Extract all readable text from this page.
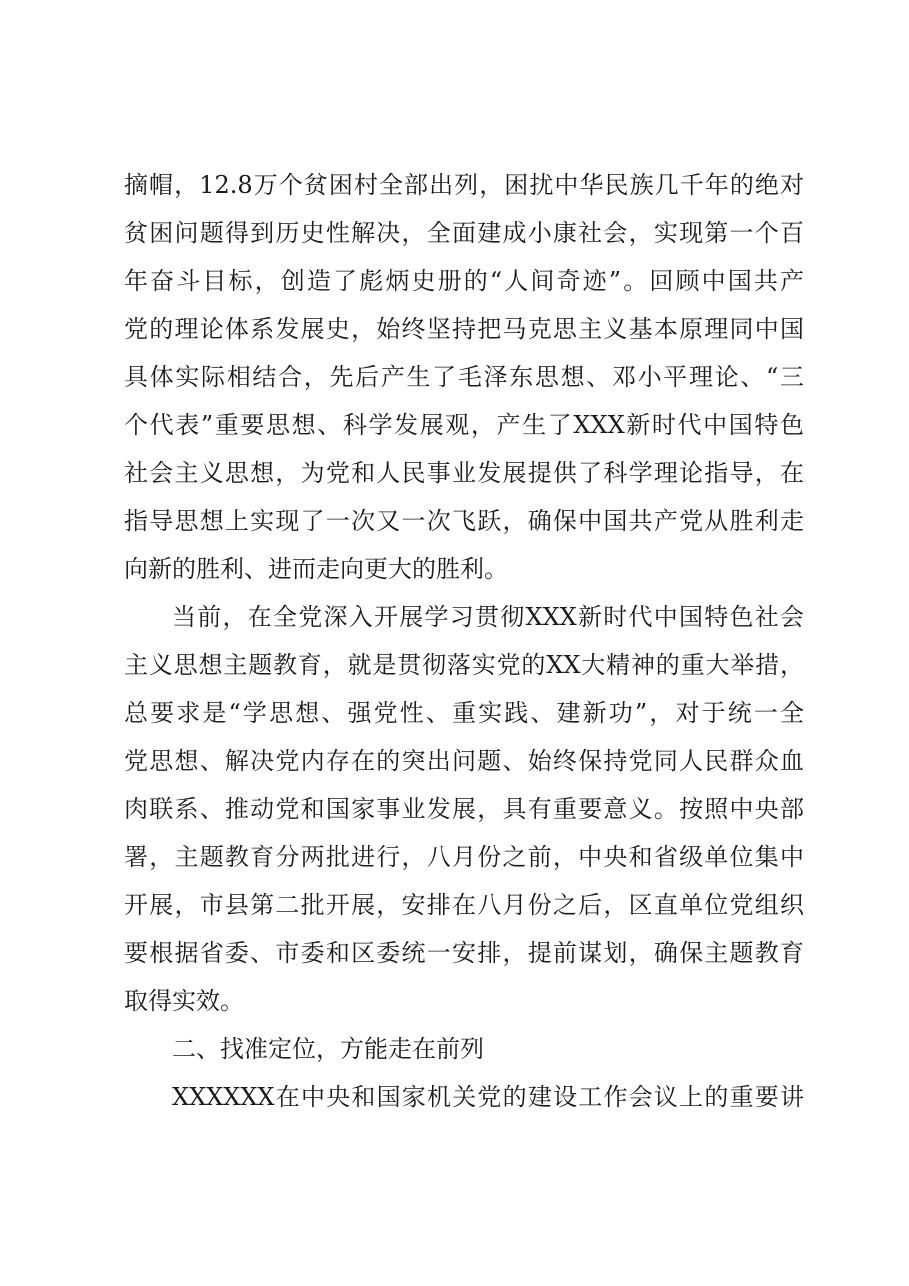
摘帽，12.8万个贫困村全部出列，困扰中华民族几千年的绝对
贫困问题得到历史性解决，全面建成小康社会，实现第一个百
年奋斗目标，创造了彪炳史册的“人间奇迹”。回顾中国共产
党的理论体系发展史，始终坚持把马克思主义基本原理同中国
具体实际相结合，先后产生了毛泽东思想、邓小平理论、“三
个代表”重要思想、科学发展观，产生了XXX新时代中国特色
社会主义思想，为党和人民事业发展提供了科学理论指导，在
指导思想上实现了一次又一次飞跃，确保中国共产党从胜利走
向新的胜利、进而走向更大的胜利。
当前，在全党深入开展学习贯彻XXX新时代中国特色社会
主义思想主题教育，就是贯彻落实党的XX大精神的重大举措，
总要求是“学思想、强党性、重实践、建新功”，对于统一全
党思想、解决党内存在的突出问题、始终保持党同人民群众血
肉联系、推动党和国家事业发展，具有重要意义。按照中央部
署，主题教育分两批进行，八月份之前，中央和省级单位集中
开展，市县第二批开展，安排在八月份之后，区直单位党组织
要根据省委、市委和区委统一安排，提前谋划，确保主题教育
取得实效。
二、找准定位，方能走在前列
XXXXXX在中央和国家机关党的建设工作会议上的重要讲
